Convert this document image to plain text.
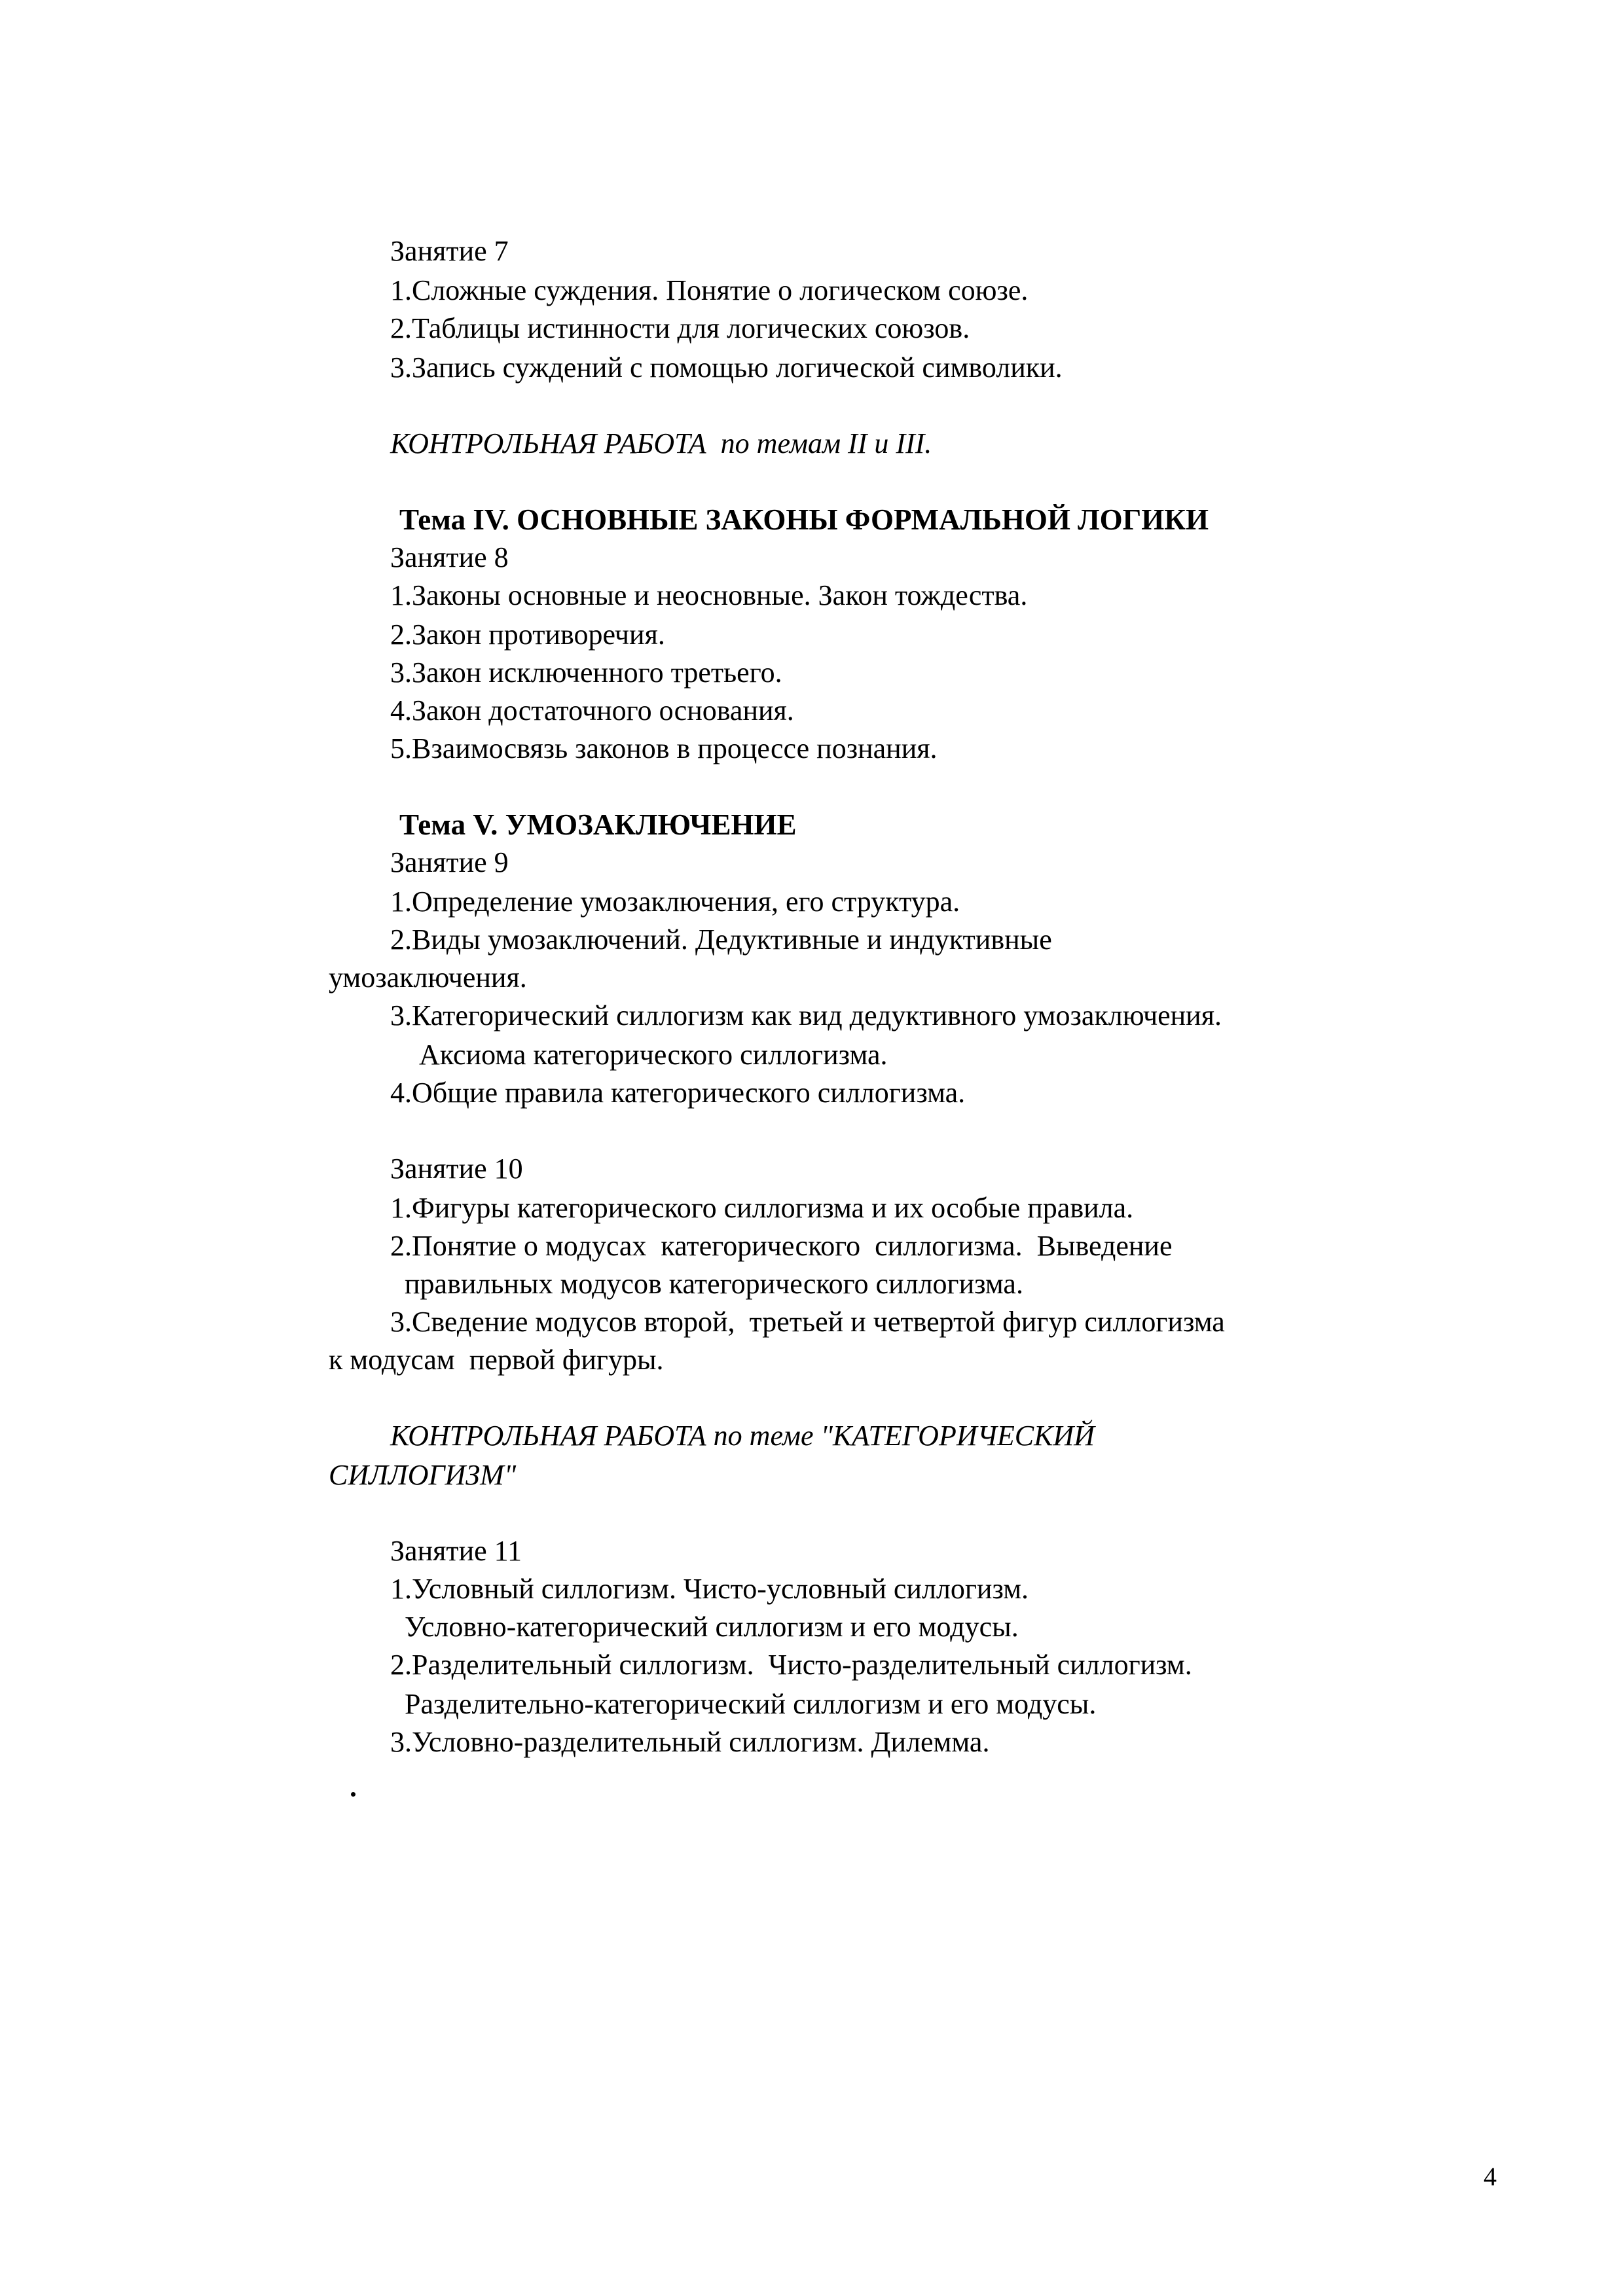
Занятие 7
1.Сложные суждения. Понятие о логическом союзе.
2.Таблицы истинности для логических союзов.
3.Запись суждений с помощью логической символики.
КОНТРОЛЬНАЯ РАБОТА по темам II и III.
Тема IV. ОСНОВНЫЕ ЗАКОНЫ ФОРМАЛЬНОЙ ЛОГИКИ
Занятие 8
1.Законы основные и неосновные. Закон тождества.
2.Закон противоречия.
3.Закон исключенного третьего.
4.Закон достаточного основания.
5.Взаимосвязь законов в процессе познания.
Тема V. УМОЗАКЛЮЧЕНИЕ
Занятие 9
1.Определение умозаключения, его структура.
2.Виды умозаключений. Дедуктивные и индуктивные
умозаключения.
3.Категорический силлогизм как вид дедуктивного умозаключения.
Аксиома категорического силлогизма.
4.Общие правила категорического силлогизма.
Занятие 10
1.Фигуры категорического силлогизма и их особые правила.
2.Понятие о модусах  категорического  силлогизма.  Выведение
правильных модусов категорического силлогизма.
3.Сведение модусов второй,  третьей и четвертой фигур силлогизма
к модусам  первой фигуры.
КОНТРОЛЬНАЯ РАБОТА по теме "КАТЕГОРИЧЕСКИЙ
СИЛЛОГИЗМ"
Занятие 11
1.Условный силлогизм. Чисто-условный силлогизм.
Условно-категорический силлогизм и его модусы.
2.Разделительный силлогизм.  Чисто-разделительный силлогизм.
Разделительно-категорический силлогизм и его модусы.
3.Условно-разделительный силлогизм. Дилемма.
4
